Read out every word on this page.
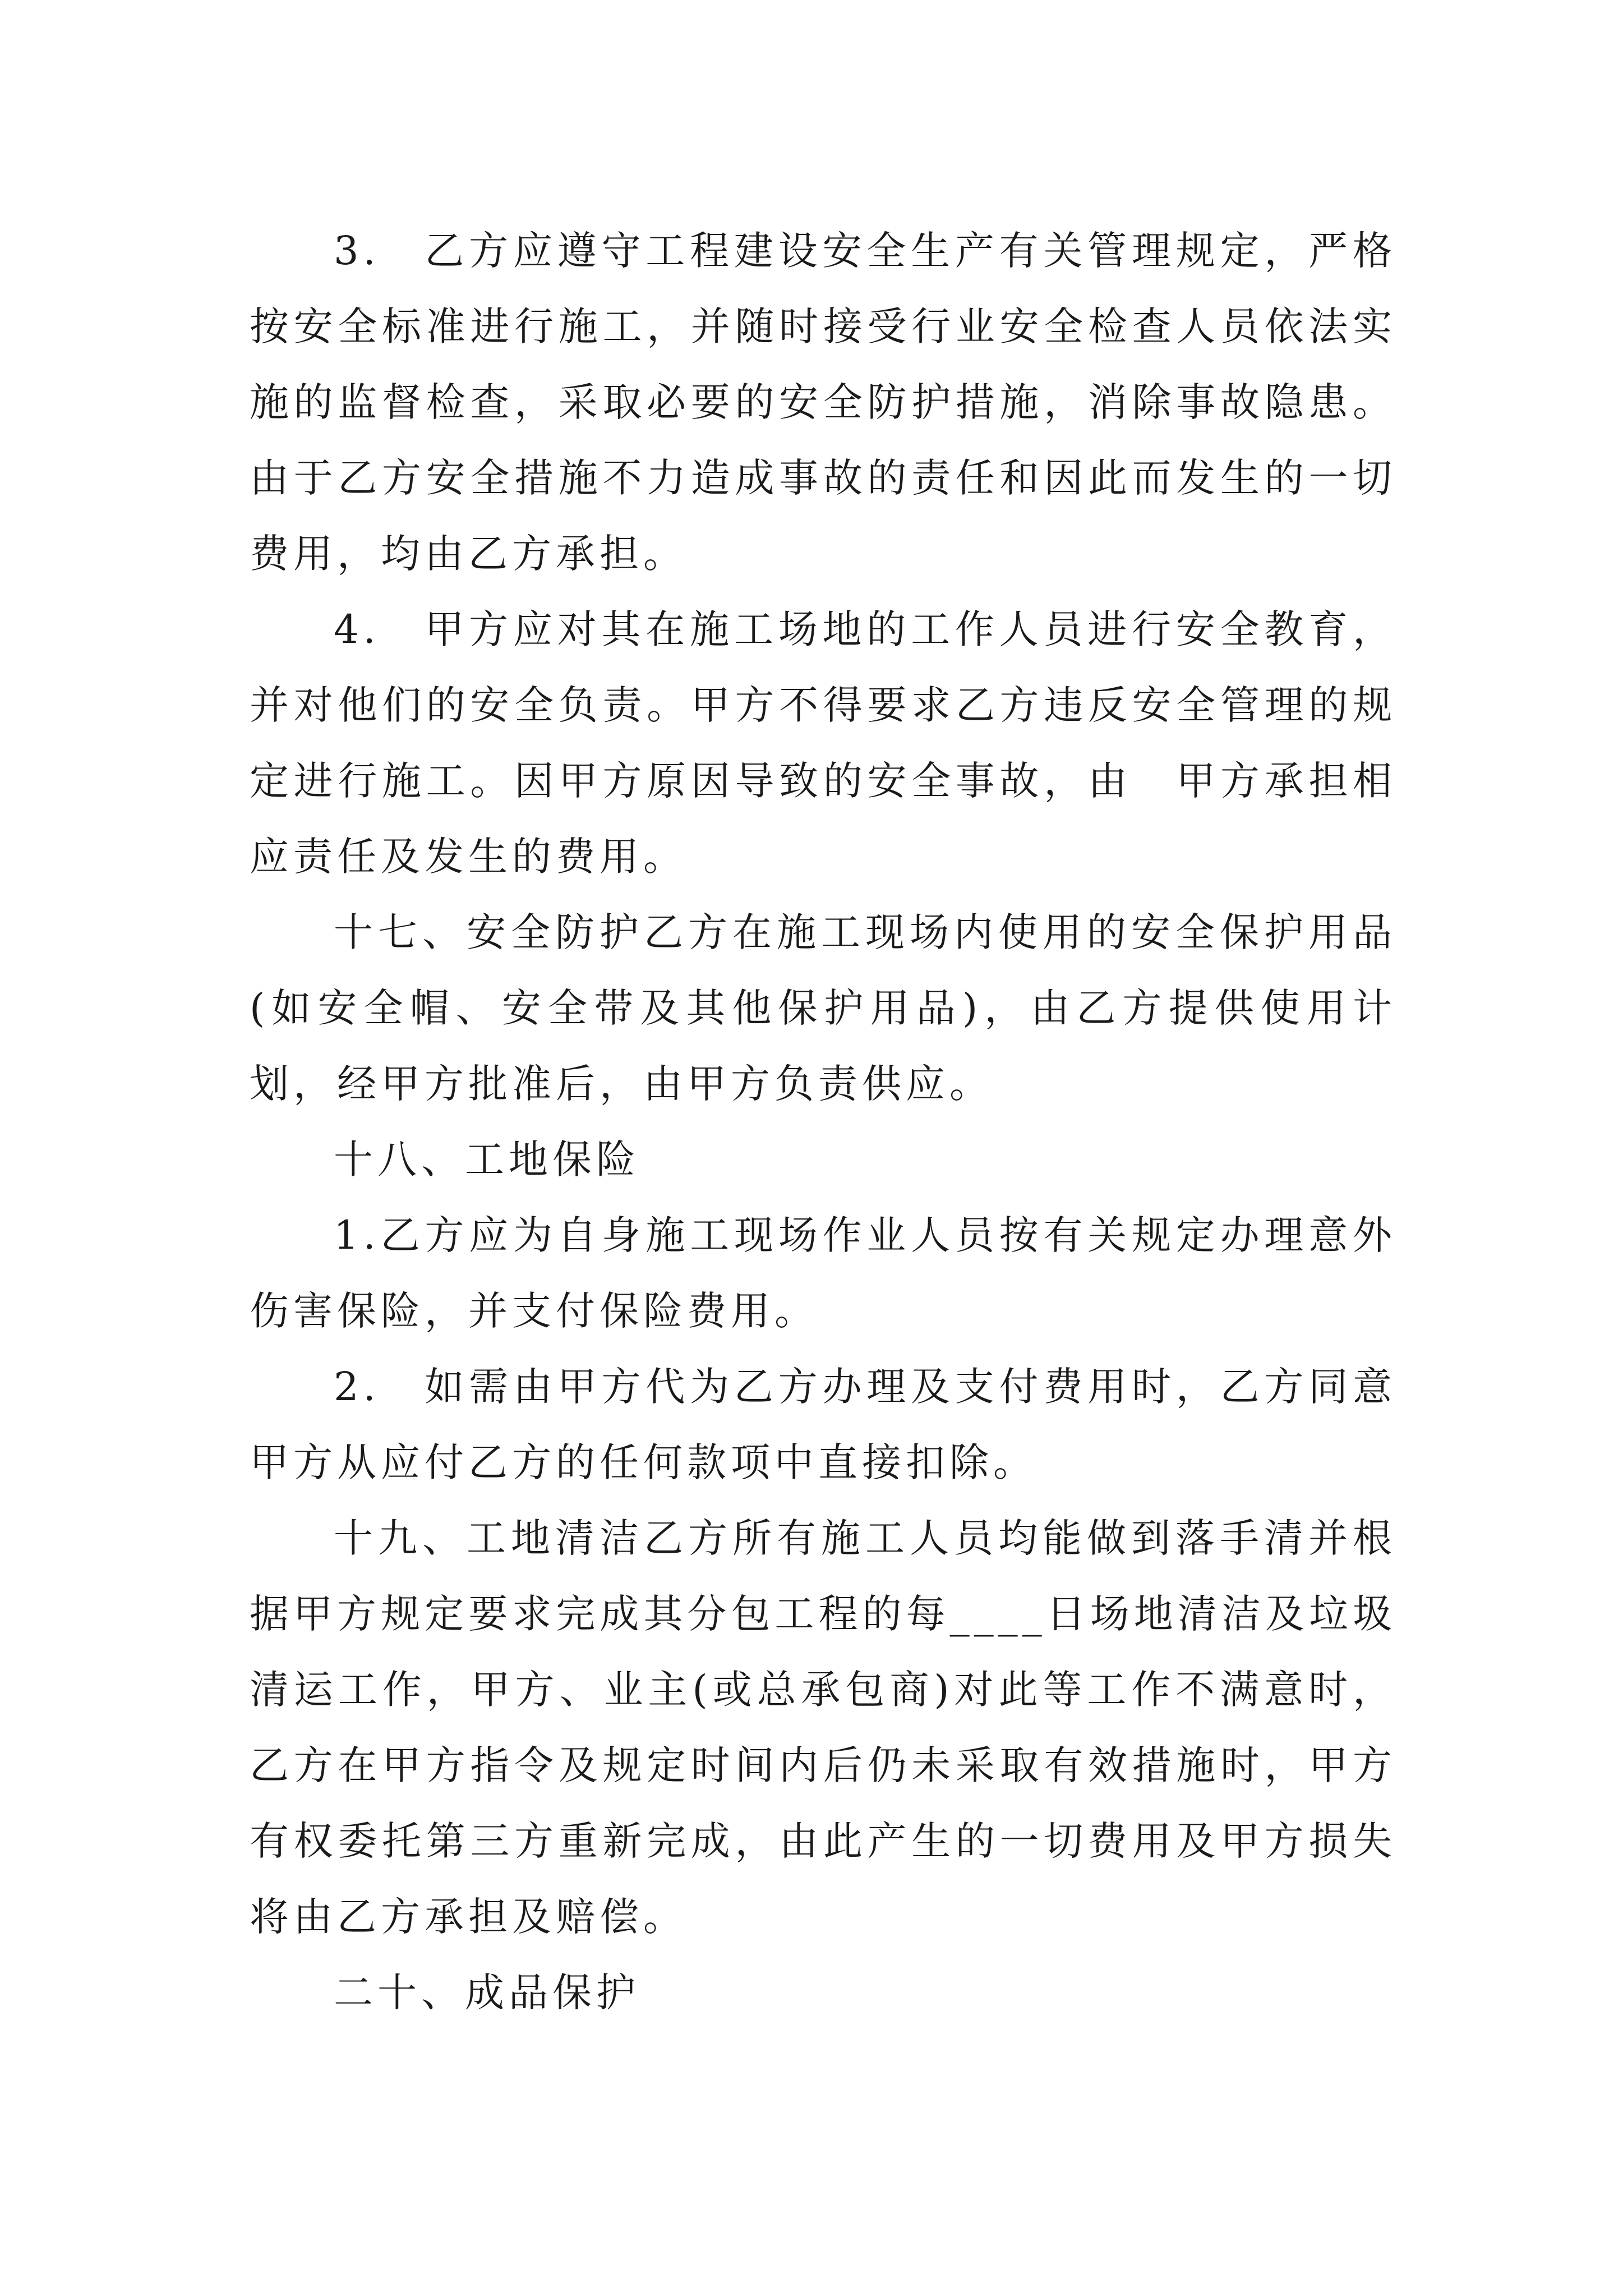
3.　乙方应遵守工程建设安全生产有关管理规定，严格按安全标准进行施工，并随时接受行业安全检查人员依法实施的监督检查，采取必要的安全防护措施，消除事故隐患。由于乙方安全措施不力造成事故的责任和因此而发生的一切费用，均由乙方承担。

4.　甲方应对其在施工场地的工作人员进行安全教育，并对他们的安全负责。甲方不得要求乙方违反安全管理的规定进行施工。因甲方原因导致的安全事故，由　甲方承担相应责任及发生的费用。

十七、安全防护乙方在施工现场内使用的安全保护用品(如安全帽、安全带及其他保护用品)，由乙方提供使用计划，经甲方批准后，由甲方负责供应。

十八、工地保险

1.乙方应为自身施工现场作业人员按有关规定办理意外伤害保险，并支付保险费用。

2.　如需由甲方代为乙方办理及支付费用时，乙方同意甲方从应付乙方的任何款项中直接扣除。

十九、工地清洁乙方所有施工人员均能做到落手清并根据甲方规定要求完成其分包工程的每____日场地清洁及垃圾清运工作，甲方、业主(或总承包商)对此等工作不满意时，乙方在甲方指令及规定时间内后仍未采取有效措施时，甲方有权委托第三方重新完成，由此产生的一切费用及甲方损失将由乙方承担及赔偿。

二十、成品保护
